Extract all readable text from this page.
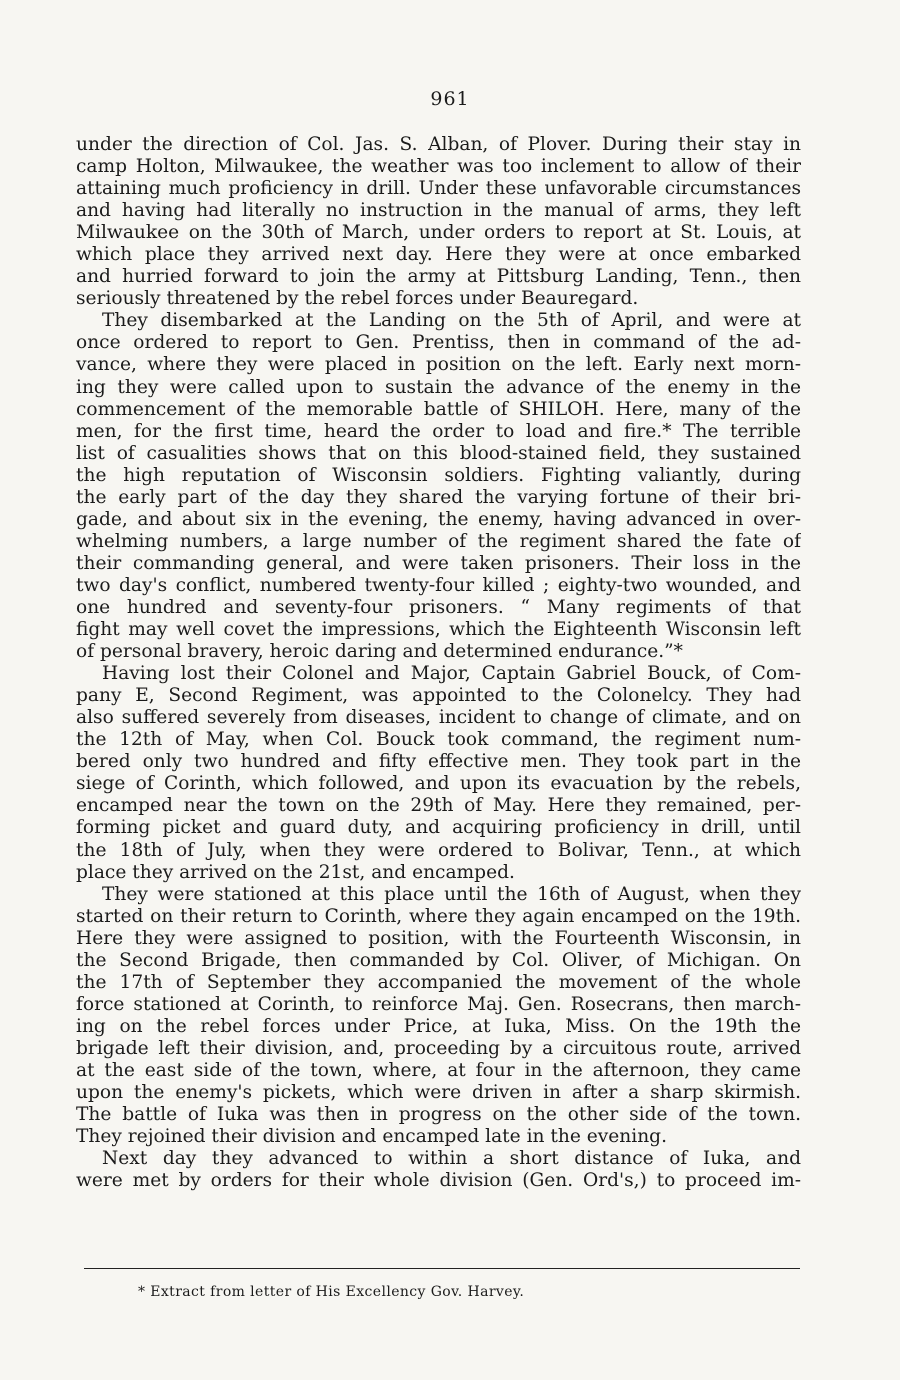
961
under the direction of Col. Jas. S. Alban, of Plover. During their stay in
camp Holton, Milwaukee, the weather was too inclement to allow of their
attaining much proficiency in drill. Under these unfavorable circumstances
and having had literally no instruction in the manual of arms, they left
Milwaukee on the 30th of March, under orders to report at St. Louis, at
which place they arrived next day. Here they were at once embarked
and hurried forward to join the army at Pittsburg Landing, Tenn., then
seriously threatened by the rebel forces under Beauregard.
They disembarked at the Landing on the 5th of April, and were at
once ordered to report to Gen. Prentiss, then in command of the ad-
vance, where they were placed in position on the left. Early next morn-
ing they were called upon to sustain the advance of the enemy in the
commencement of the memorable battle of SHILOH. Here, many of the
men, for the first time, heard the order to load and fire.* The terrible
list of casualities shows that on this blood-stained field, they sustained
the high reputation of Wisconsin soldiers. Fighting valiantly, during
the early part of the day they shared the varying fortune of their bri-
gade, and about six in the evening, the enemy, having advanced in over-
whelming numbers, a large number of the regiment shared the fate of
their commanding general, and were taken prisoners. Their loss in the
two day's conflict, numbered twenty-four killed ; eighty-two wounded, and
one hundred and seventy-four prisoners. “ Many regiments of that
fight may well covet the impressions, which the Eighteenth Wisconsin left
of personal bravery, heroic daring and determined endurance.”*
Having lost their Colonel and Major, Captain Gabriel Bouck, of Com-
pany E, Second Regiment, was appointed to the Colonelcy. They had
also suffered severely from diseases, incident to change of climate, and on
the 12th of May, when Col. Bouck took command, the regiment num-
bered only two hundred and fifty effective men. They took part in the
siege of Corinth, which followed, and upon its evacuation by the rebels,
encamped near the town on the 29th of May. Here they remained, per-
forming picket and guard duty, and acquiring proficiency in drill, until
the 18th of July, when they were ordered to Bolivar, Tenn., at which
place they arrived on the 21st, and encamped.
They were stationed at this place until the 16th of August, when they
started on their return to Corinth, where they again encamped on the 19th.
Here they were assigned to position, with the Fourteenth Wisconsin, in
the Second Brigade, then commanded by Col. Oliver, of Michigan. On
the 17th of September they accompanied the movement of the whole
force stationed at Corinth, to reinforce Maj. Gen. Rosecrans, then march-
ing on the rebel forces under Price, at Iuka, Miss. On the 19th the
brigade left their division, and, proceeding by a circuitous route, arrived
at the east side of the town, where, at four in the afternoon, they came
upon the enemy's pickets, which were driven in after a sharp skirmish.
The battle of Iuka was then in progress on the other side of the town.
They rejoined their division and encamped late in the evening.
Next day they advanced to within a short distance of Iuka, and
were met by orders for their whole division (Gen. Ord's,) to proceed im-
* Extract from letter of His Excellency Gov. Harvey.
